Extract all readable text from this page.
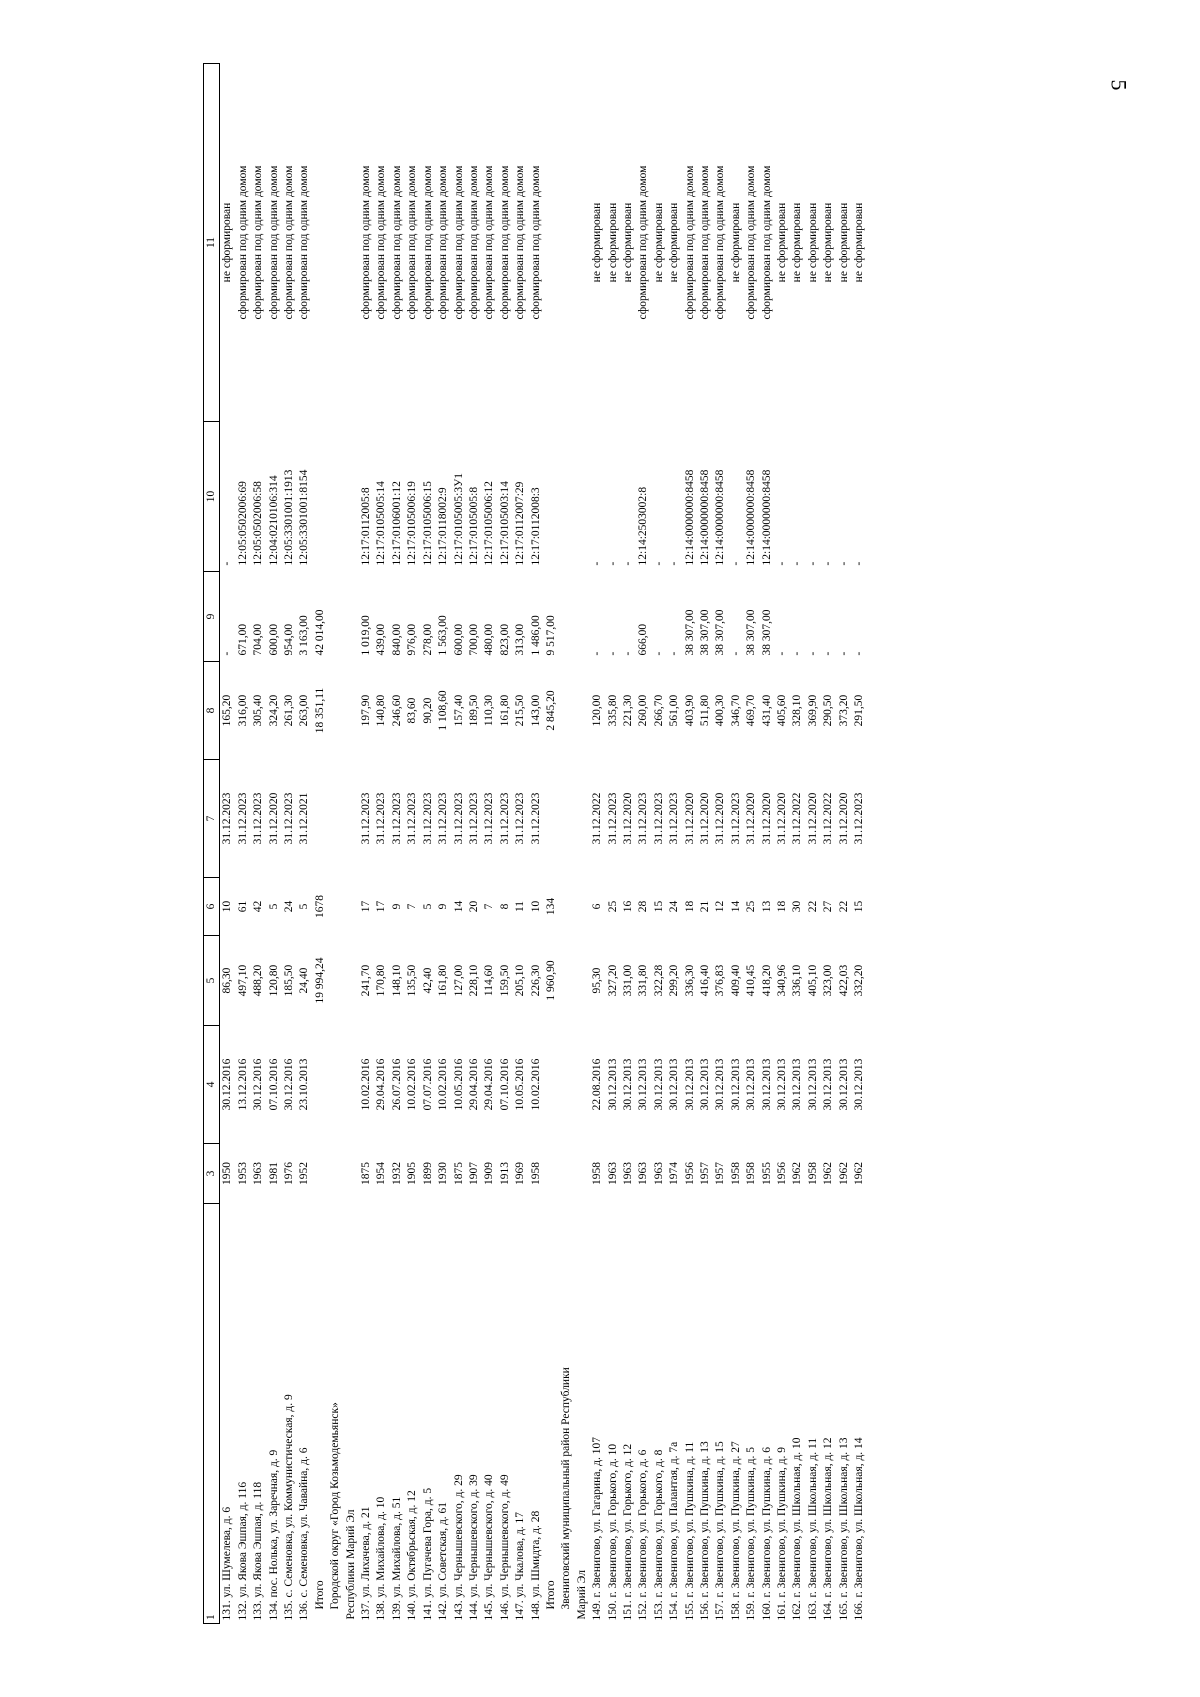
5
1	3	4	5	6	7	8	9	10	11
131. ул. Шумелева, д. 6	1950	30.12.2016	86,30	10	31.12.2023	165,20	-	-	не сформирован
132. ул. Якова Эшпая, д. 116	1953	13.12.2016	497,10	61	31.12.2023	316,00	671,00	12:05:0502006:69	сформирован под одним домом
133. ул. Якова Эшпая, д. 118	1963	30.12.2016	488,20	42	31.12.2023	305,40	704,00	12:05:0502006:58	сформирован под одним домом
134. пос. Нолька, ул. Заречная, д. 9	1981	07.10.2016	120,80	5	31.12.2020	324,20	600,00	12:04:0210106:314	сформирован под одним домом
135. с. Семеновка, ул. Коммунистическая, д. 9	1976	30.12.2016	185,50	24	31.12.2023	261,30	954,00	12:05:3301001:1913	сформирован под одним домом
136. с. Семеновка, ул. Чавайна, д. 6	1952	23.10.2013	24,40	5	31.12.2021	263,00	3 163,00	12:05:3301001:8154	сформирован под одним домом
Итого			19 994,24	1678		18 351,11	42 014,00		
Городской округ «Город Козьмодемьянск»									
Республики Марий Эл									
137. ул. Лихачева, д. 21	1875	10.02.2016	241,70	17	31.12.2023	197,90	1 019,00	12:17:0112005:8	сформирован под одним домом
138. ул. Михайлова, д. 10	1954	29.04.2016	170,80	17	31.12.2023	140,80	439,00	12:17:0105005:14	сформирован под одним домом
139. ул. Михайлова, д. 51	1932	26.07.2016	148,10	9	31.12.2023	246,60	840,00	12:17:0106001:12	сформирован под одним домом
140. ул. Октябрьская, д. 12	1905	10.02.2016	135,50	7	31.12.2023	83,60	976,00	12:17:0105006:19	сформирован под одним домом
141. ул. Пугачева Гора, д. 5	1899	07.07.2016	42,40	5	31.12.2023	90,20	278,00	12:17:0105006:15	сформирован под одним домом
142. ул. Советская, д. 61	1930	10.02.2016	161,80	9	31.12.2023	1 108,60	1 563,00	12:17:0118002:9	сформирован под одним домом
143. ул. Чернышевского, д. 29	1875	10.05.2016	127,00	14	31.12.2023	157,40	600,00	12:17:0105005:3У1	сформирован под одним домом
144. ул. Чернышевского, д. 39	1907	29.04.2016	228,10	20	31.12.2023	189,50	700,00	12:17:0105005:8	сформирован под одним домом
145. ул. Чернышевского, д. 40	1909	29.04.2016	114,60	7	31.12.2023	110,30	480,00	12:17:0105006:12	сформирован под одним домом
146. ул. Чернышевского, д. 49	1913	07.10.2016	159,50	8	31.12.2023	161,80	823,00	12:17:0105003:14	сформирован под одним домом
147. ул. Чкалова, д. 17	1969	10.05.2016	205,10	11	31.12.2023	215,50	313,00	12:17:0112007:29	сформирован под одним домом
148. ул. Шмидта, д. 28	1958	10.02.2016	226,30	10	31.12.2023	143,00	1 486,00	12:17:0112008:3	сформирован под одним домом
Итого			1 960,90	134		2 845,20	9 517,00		
Звениговский муниципальный район Республики									
Марий Эл									
149. г. Звенигово, ул. Гагарина, д. 107	1958	22.08.2016	95,30	6	31.12.2022	120,00	-	-	не сформирован
150. г. Звенигово, ул. Горького, д. 10	1963	30.12.2013	327,20	25	31.12.2023	335,80	-	-	не сформирован
151. г. Звенигово, ул. Горького, д. 12	1963	30.12.2013	331,00	16	31.12.2020	221,30	-	-	не сформирован
152. г. Звенигово, ул. Горького, д. 6	1963	30.12.2013	331,80	28	31.12.2023	260,00	666,00	12:14:2503002:8	сформирован под одним домом
153. г. Звенигово, ул. Горького, д. 8	1963	30.12.2013	322,28	15	31.12.2023	266,70	-	-	не сформирован
154. г. Звенигово, ул. Палантая, д. 7а	1974	30.12.2013	299,20	24	31.12.2023	561,00	-	-	не сформирован
155. г. Звенигово, ул. Пушкина, д. 11	1956	30.12.2013	336,30	18	31.12.2020	403,90	38 307,00	12:14:0000000:8458	сформирован под одним домом
156. г. Звенигово, ул. Пушкина, д. 13	1957	30.12.2013	416,40	21	31.12.2020	511,80	38 307,00	12:14:0000000:8458	сформирован под одним домом
157. г. Звенигово, ул. Пушкина, д. 15	1957	30.12.2013	376,83	12	31.12.2020	400,30	38 307,00	12:14:0000000:8458	сформирован под одним домом
158. г. Звенигово, ул. Пушкина, д. 27	1958	30.12.2013	409,40	14	31.12.2023	346,70	-	-	не сформирован
159. г. Звенигово, ул. Пушкина, д. 5	1958	30.12.2013	410,45	25	31.12.2020	469,70	38 307,00	12:14:0000000:8458	сформирован под одним домом
160. г. Звенигово, ул. Пушкина, д. 6	1955	30.12.2013	418,20	13	31.12.2020	431,40	38 307,00	12:14:0000000:8458	сформирован под одним домом
161. г. Звенигово, ул. Пушкина, д. 9	1956	30.12.2013	340,96	18	31.12.2020	405,60	-	-	не сформирован
162. г. Звенигово, ул. Школьная, д. 10	1962	30.12.2013	336,10	30	31.12.2022	328,10	-	-	не сформирован
163. г. Звенигово, ул. Школьная, д. 11	1958	30.12.2013	405,10	22	31.12.2020	369,90	-	-	не сформирован
164. г. Звенигово, ул. Школьная, д. 12	1962	30.12.2013	323,00	27	31.12.2022	290,50	-	-	не сформирован
165. г. Звенигово, ул. Школьная, д. 13	1962	30.12.2013	422,03	22	31.12.2020	373,20	-	-	не сформирован
166. г. Звенигово, ул. Школьная, д. 14	1962	30.12.2013	332,20	15	31.12.2023	291,50	-	-	не сформирован
